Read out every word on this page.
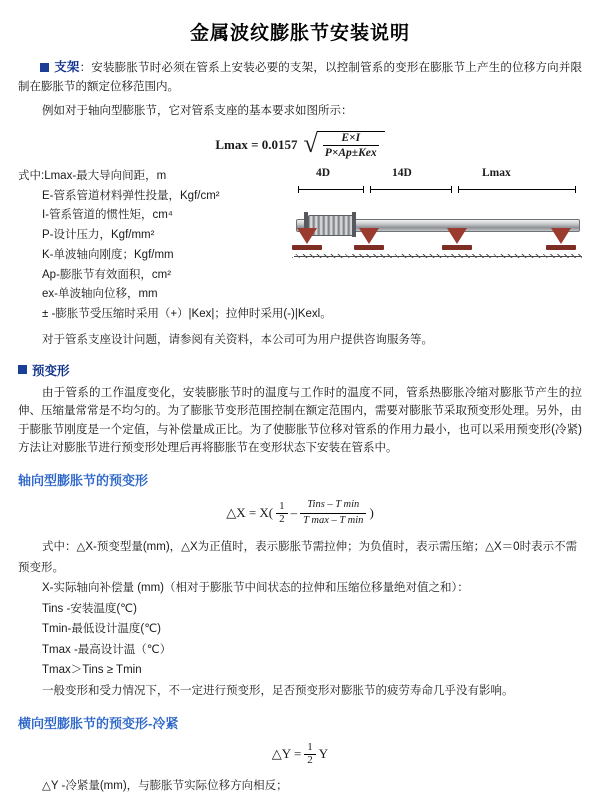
金属波纹膨胀节安装说明

支架：安装膨胀节时必须在管系上安装必要的支架，以控制管系的变形在膨胀节上产生的位移方向并限制在膨胀节的额定位移范围内。

例如对于轴向型膨胀节，它对管系支座的基本要求如图所示：

Lmax = 0.0157 √ $\frac{E\times I}{\text{P×Ap±Kex}}$
式中:Lmax-最大导向间距，m
E-管系管道材料弹性投量，Kgf/cm²
I-管系管道的惯性矩，cm⁴
P-设计压力，Kgf/mm²
K-单波轴向刚度；Kgf/mm
Ap-膨胀节有效面积，cm²
ex-单波轴向位移，mm
± -膨胀节受压缩时采用（+）|Kex|；拉伸时采用(-)|Kexl。
4D	14D	Lmax

对于管系支座设计问题，请参阅有关资料，本公司可为用户提供咨询服务等。

预变形

由于管系的工作温度变化，安装膨胀节时的温度与工作时的温度不同，管系热膨胀冷缩对膨胀节产生的拉伸、压缩量常常是不均匀的。为了膨胀节变形范围控制在额定范围内，需要对膨胀节采取预变形处理。另外，由于膨胀节刚度是一个定值，与补偿量成正比。为了使膨胀节位移对管系的作用力最小，也可以采用预变形(冷紧)方法让对膨胀节进行预变形处理后再将膨胀节在变形状态下安装在管系中。

轴向型膨胀节的预变形
△X = X( 1
2 –
Tins – T min
T max – T min )
式中：△X-预变型量(mm)，△X为正值时，表示膨胀节需拉伸；为负值时，表示需压缩；△X＝0时表示不需预变形。
X-实际轴向补偿量 (mm)（相对于膨胀节中间状态的拉伸和压缩位移量绝对值之和）：
Tins -安装温度(℃)
Tmin-最低设计温度(℃)
Tmax -最高设计温（℃）
Tmax＞Tins ≥ Tmin
一般变形和受力情况下，不一定进行预变形，足否预变形对膨胀节的疲劳寿命几乎没有影响。
横向型膨胀节的预变形-冷紧
△Y = $\frac{1}{2}$ Y
△Y -冷紧量(mm)，与膨胀节实际位移方向相反；
